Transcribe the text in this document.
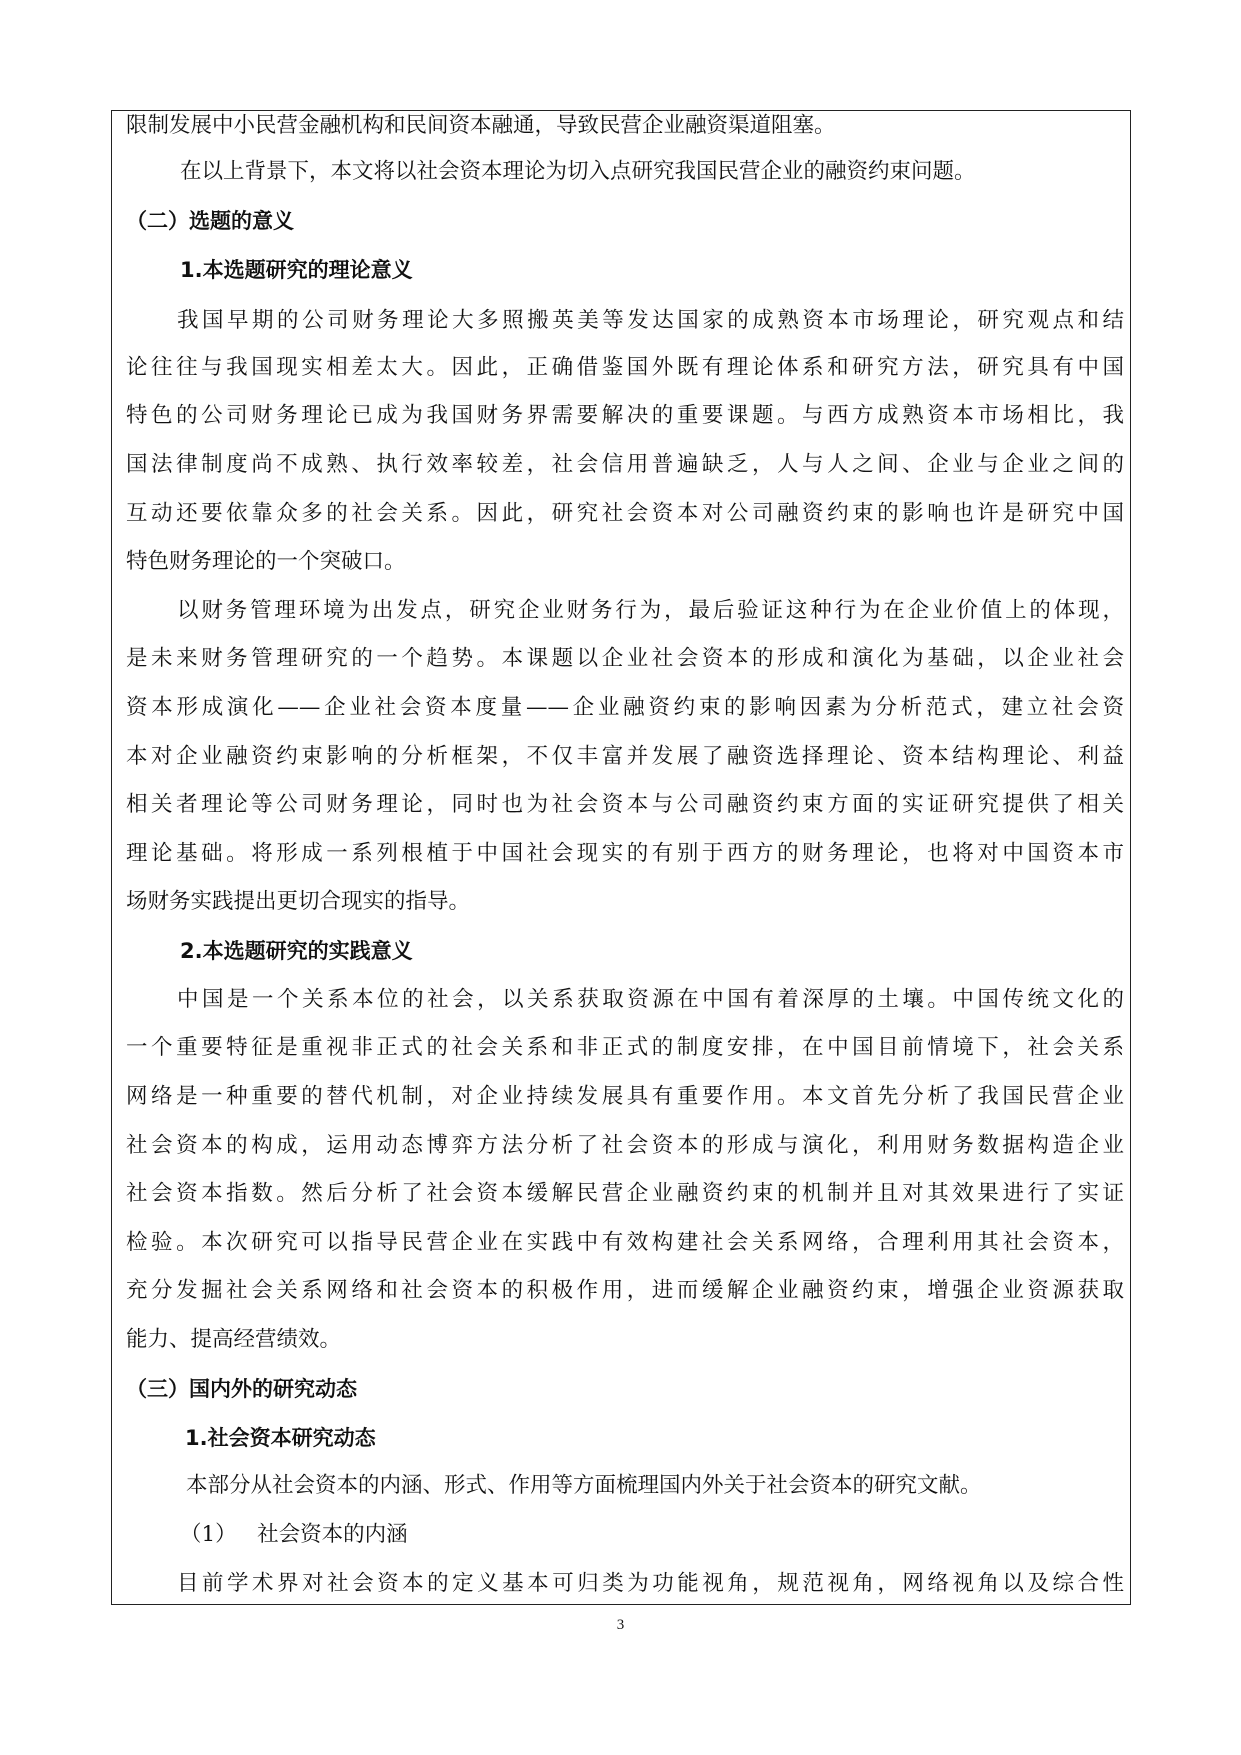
限制发展中小民营金融机构和民间资本融通，导致民营企业融资渠道阻塞。

在以上背景下，本文将以社会资本理论为切入点研究我国民营企业的融资约束问题。

（二）选题的意义

1.本选题研究的理论意义

我国早期的公司财务理论大多照搬英美等发达国家的成熟资本市场理论，研究观点和结

论往往与我国现实相差太大。因此，正确借鉴国外既有理论体系和研究方法，研究具有中国

特色的公司财务理论已成为我国财务界需要解决的重要课题。与西方成熟资本市场相比，我

国法律制度尚不成熟、执行效率较差，社会信用普遍缺乏，人与人之间、企业与企业之间的

互动还要依靠众多的社会关系。因此，研究社会资本对公司融资约束的影响也许是研究中国

特色财务理论的一个突破口。

以财务管理环境为出发点，研究企业财务行为，最后验证这种行为在企业价值上的体现，

是未来财务管理研究的一个趋势。本课题以企业社会资本的形成和演化为基础，以企业社会

资本形成演化——企业社会资本度量——企业融资约束的影响因素为分析范式，建立社会资

本对企业融资约束影响的分析框架，不仅丰富并发展了融资选择理论、资本结构理论、利益

相关者理论等公司财务理论，同时也为社会资本与公司融资约束方面的实证研究提供了相关

理论基础。将形成一系列根植于中国社会现实的有别于西方的财务理论，也将对中国资本市

场财务实践提出更切合现实的指导。

2.本选题研究的实践意义

中国是一个关系本位的社会，以关系获取资源在中国有着深厚的土壤。中国传统文化的

一个重要特征是重视非正式的社会关系和非正式的制度安排，在中国目前情境下，社会关系

网络是一种重要的替代机制，对企业持续发展具有重要作用。本文首先分析了我国民营企业

社会资本的构成，运用动态博弈方法分析了社会资本的形成与演化，利用财务数据构造企业

社会资本指数。然后分析了社会资本缓解民营企业融资约束的机制并且对其效果进行了实证

检验。本次研究可以指导民营企业在实践中有效构建社会关系网络，合理利用其社会资本，

充分发掘社会关系网络和社会资本的积极作用，进而缓解企业融资约束，增强企业资源获取

能力、提高经营绩效。

（三）国内外的研究动态

1.社会资本研究动态

本部分从社会资本的内涵、形式、作用等方面梳理国内外关于社会资本的研究文献。

（1）   社会资本的内涵

目前学术界对社会资本的定义基本可归类为功能视角，规范视角，网络视角以及综合性

3
